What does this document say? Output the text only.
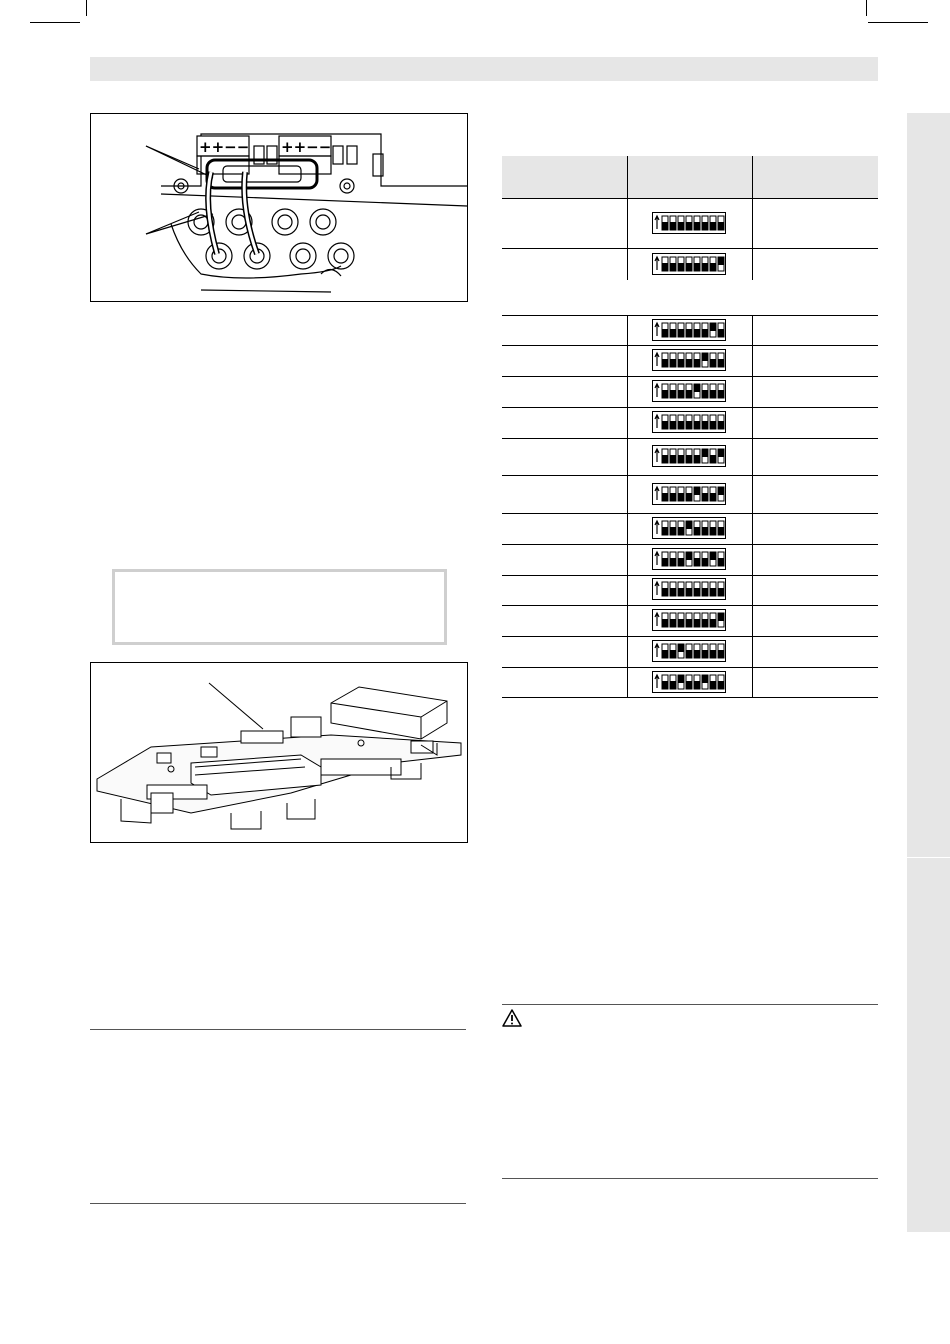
++−− ++−−
